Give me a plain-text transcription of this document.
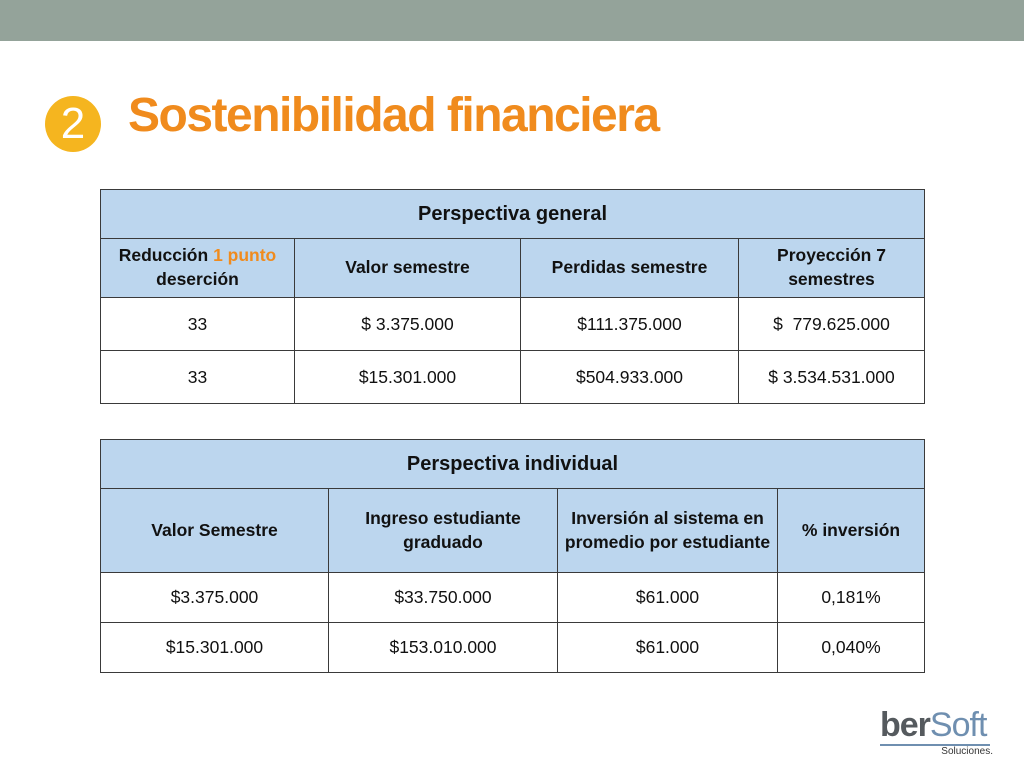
2 Sostenibilidad financiera
Perspectiva general			
Reducción 1 punto deserción	Valor semestre	Perdidas semestre	Proyección 7 semestres
33	$ 3.375.000	$111.375.000	$  779.625.000
33	$15.301.000	$504.933.000	$ 3.534.531.000
Perspectiva individual			
Valor Semestre	Ingreso estudiante graduado	Inversión al sistema en promedio por estudiante	% inversión
$3.375.000	$33.750.000	$61.000	0,181%
$15.301.000	$153.010.000	$61.000	0,040%
berSoft
Soluciones.
